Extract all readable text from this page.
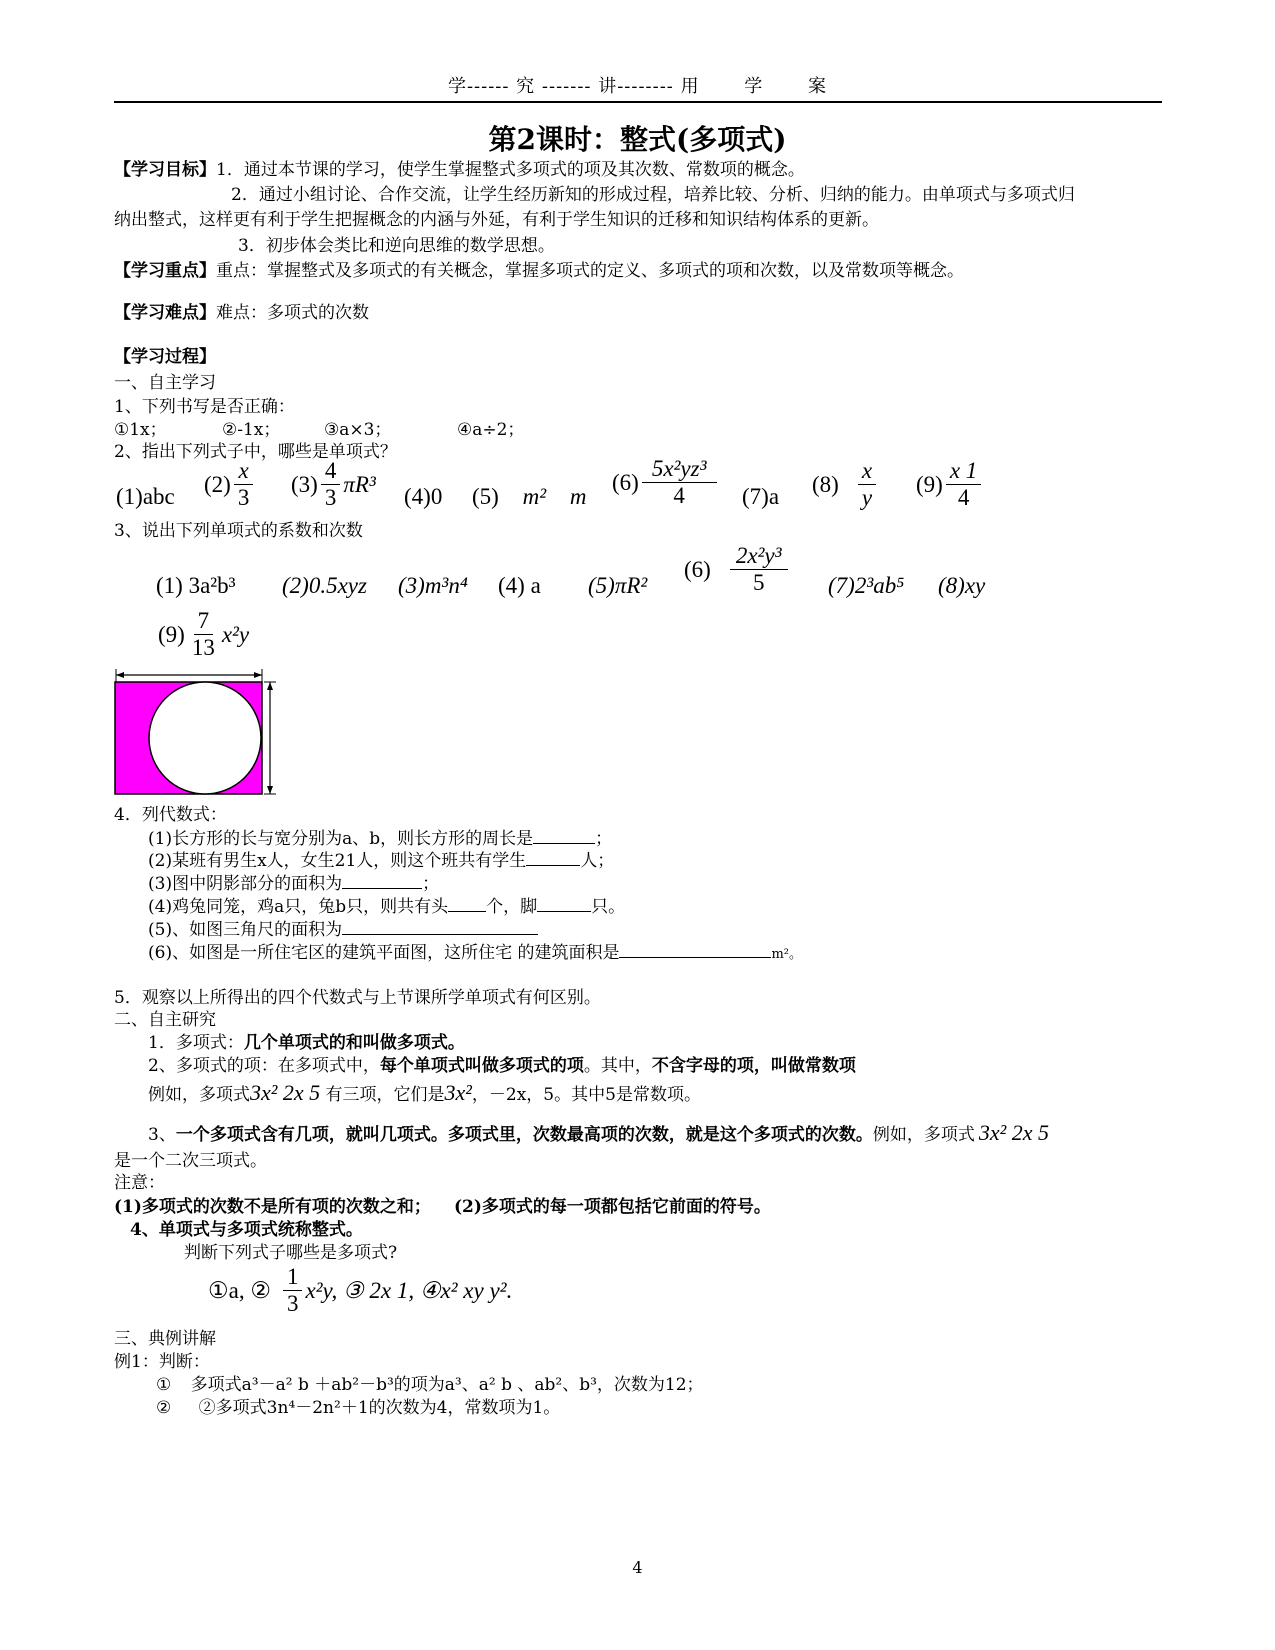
学------ 究 ------- 讲-------- 用　　 学　　 案
第2课时：整式(多项式)
【学习目标】1．通过本节课的学习，使学生掌握整式多项式的项及其次数、常数项的概念。
2．通过小组讨论、合作交流，让学生经历新知的形成过程，培养比较、分析、归纳的能力。由单项式与多项式归
纳出整式，这样更有利于学生把握概念的内涵与外延，有利于学生知识的迁移和知识结构体系的更新。
3．初步体会类比和逆向思维的数学思想。
【学习重点】重点：掌握整式及多项式的有关概念，掌握多项式的定义、多项式的项和次数，以及常数项等概念。
【学习难点】难点：多项式的次数
【学习过程】
一、自主学习
1、下列书写是否正确：
①1x；	②-1x；	③a×3；	④a÷2；
2、指出下列式子中，哪些是单项式？
(1)abc $(2) \frac{x}{3} (3) \frac{4}{3} \pi R^3$ (4)0 (5) m² m
$(6) \frac{\text{5x²yz³}}{4} (7)a$ $(8) \frac{x}{y} (9) \frac{x 1}{4}$
3、说出下列单项式的系数和次数
(1) 3a²b³ (2)0.5xyz (3)m³n⁴ (4) a (5)πR²
$(6) \frac{\text{2x²y³}}{5} (7)2^3ab^5$ (8)xy
$(9) \frac{7}{13} x^2y$
4．列代数式：
(1)长方形的长与宽分别为a、b，则长方形的周长是	；
(2)某班有男生x人，女生21人，则这个班共有学生	人；
(3)图中阴影部分的面积为	；
(4)鸡兔同笼，鸡a只，兔b只，则共有头 个，脚	只。
(5)、如图三角尺的面积为
(6)、如图是一所住宅区的建筑平面图，这所住宅 的建筑面积是	m²。
5．观察以上所得出的四个代数式与上节课所学单项式有何区别。
二、自主研究
1．多项式：几个单项式的和叫做多项式。
2、多项式的项：在多项式中，每个单项式叫做多项式的项。其中，不含字母的项，叫做常数项
例如，多项式3x² 2x 5 有三项，它们是3x²，－2x，5。其中5是常数项。
3、一个多项式含有几项，就叫几项式。多项式里，次数最高项的次数，就是这个多项式的次数。例如，多项式 3x² 2x 5
是一个二次三项式。
注意：
(1)多项式的次数不是所有项的次数之和； (2)多项式的每一项都包括它前面的符号。
4、单项式与多项式统称整式。
判断下列式子哪些是多项式?
①a, ② $\frac{1}{3} x^2y$, ③ 2x 1, ④x² xy y².
三、典例讲解
例1：判断：
① 多项式a³－a² b ＋ab²－b³的项为a³、a² b 、ab²、b³，次数为12；
② ②多项式3n⁴－2n²＋1的次数为4，常数项为1。
4
